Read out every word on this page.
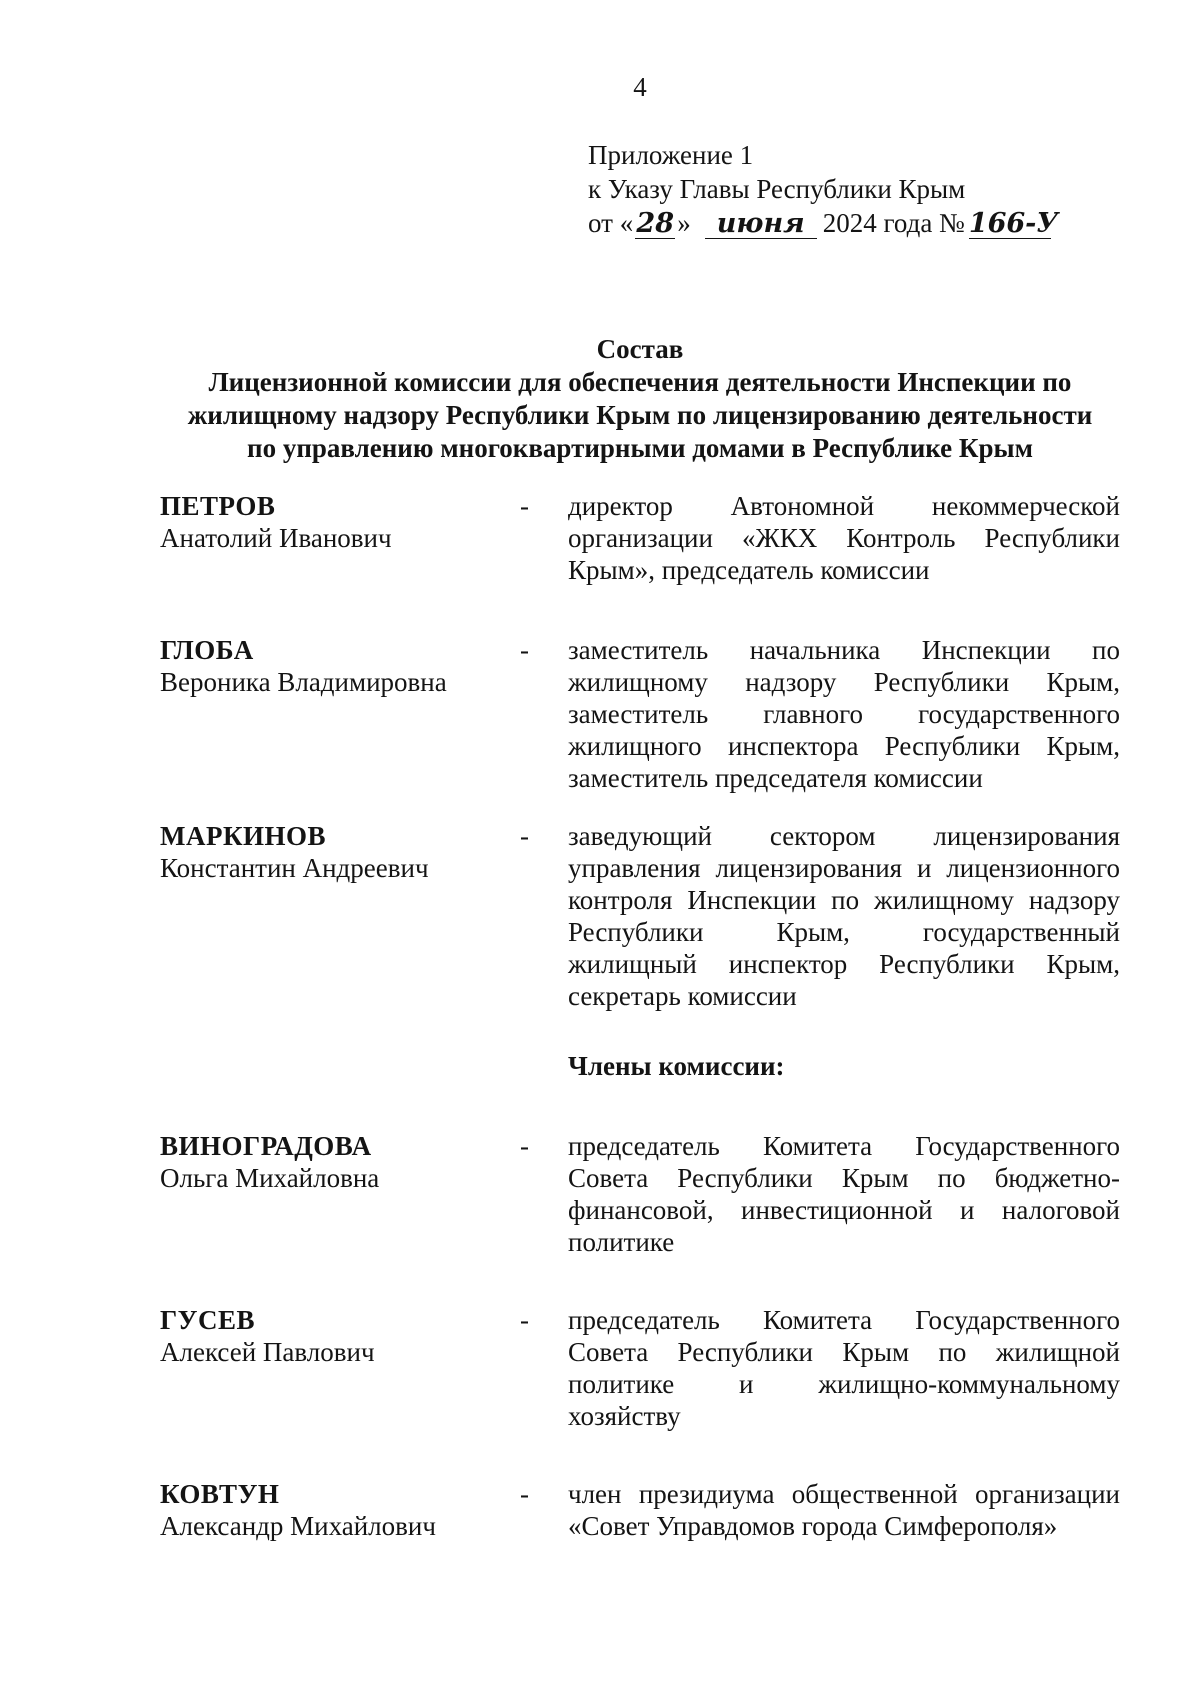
4
Приложение 1
к Указу Главы Республики Крым
от « 28 » июня 2024 года № 166-У
Состав
Лицензионной комиссии для обеспечения деятельности Инспекции по
жилищному надзору Республики Крым по лицензированию деятельности
по управлению многоквартирными домами в Республике Крым
ПЕТРОВ
Анатолий Иванович
- директор Автономной некоммерческой организации «ЖКХ Контроль Республики Крым», председатель комиссии
ГЛОБА
Вероника Владимировна
- заместитель начальника Инспекции по жилищному надзору Республики Крым, заместитель главного государственного жилищного инспектора Республики Крым, заместитель председателя комиссии
МАРКИНОВ
Константин Андреевич
- заведующий сектором лицензирования управления лицензирования и лицензионного контроля Инспекции по жилищному надзору Республики Крым, государственный жилищный инспектор Республики Крым, секретарь комиссии
Члены комиссии:
ВИНОГРАДОВА
Ольга Михайловна
- председатель Комитета Государственного Совета Республики Крым по бюджетно-финансовой, инвестиционной и налоговой политике
ГУСЕВ
Алексей Павлович
- председатель Комитета Государственного Совета Республики Крым по жилищной политике и жилищно-коммунальному хозяйству
КОВТУН
Александр Михайлович
- член президиума общественной организации «Совет Управдомов города Симферополя»
